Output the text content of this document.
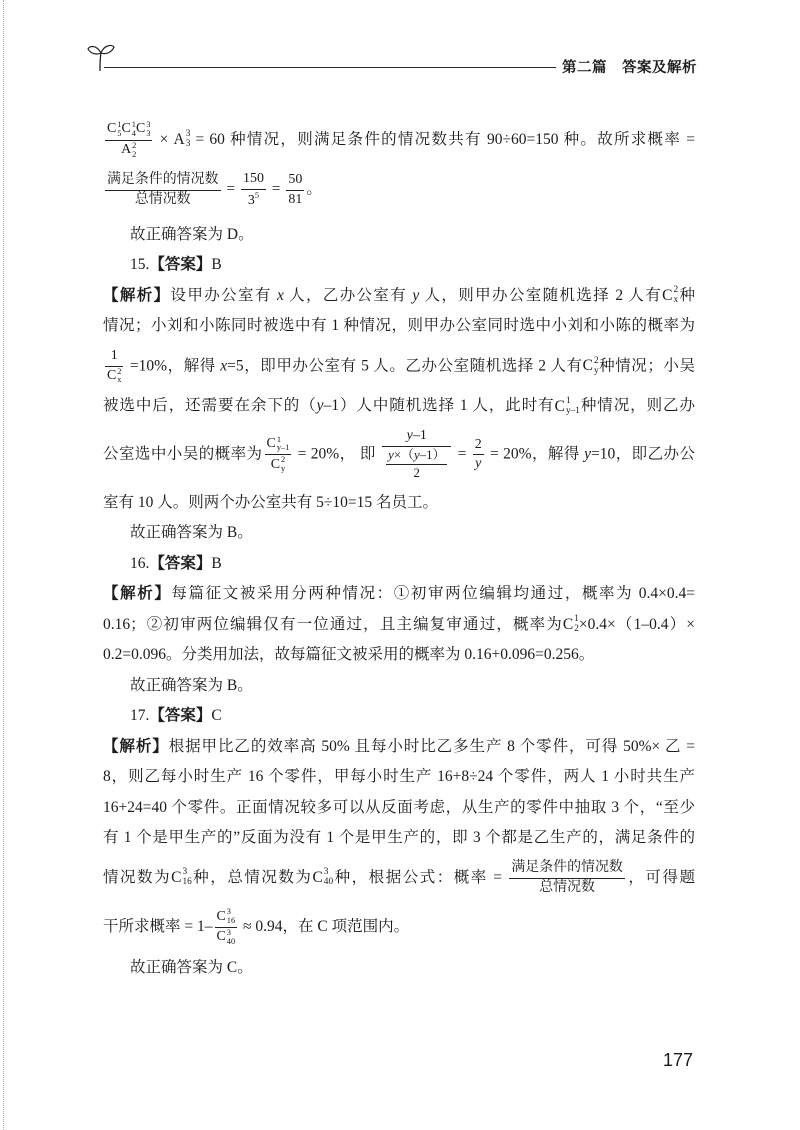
第二篇　答案及解析
C 1
5 C 1
4 C 3
3
A 2
2 × A 3
3 = 60 种情况，则满足条件的情况数共有 90÷60=150 种。故所求概率 =
$\frac{\text{满足条件的情况数}}{\text{总情况数}} = \frac{150}{3^5} = \frac{50}{81}$ 。
故正确答案为 D。
15.【答案】B
【解析】设甲办公室有 x 人，乙办公室有 y 人，则甲办公室随机选择 2 人有 C 2
x 种
情况；小刘和小陈同时被选中有 1 种情况，则甲办公室同时选中小刘和小陈的概率为
1
C 2
x =10%，解得 x=5，即甲办公室有 5 人。乙办公室随机选择 2 人有 C 2
y 种情况；小吴
被选中后，还需要在余下的（y–1）人中随机选择 1 人，此时有 C 1
y–1 种情况，则乙办
公室选中小吴的概率为 C 1
y–1
C 2
y = 20%， 即 $\frac{y-1}{\frac{y\times(y-1)}{2}} = \frac{2}{y} = 20\%$，解得 y=10，即乙办公
室有 10 人。则两个办公室共有 5÷10=15 名员工。
故正确答案为 B。
16.【答案】B
【解析】每篇征文被采用分两种情况：①初审两位编辑均通过，概率为 0.4×0.4=
0.16；②初审两位编辑仅有一位通过，且主编复审通过，概率为 C 1
2 ×0.4×（1–0.4）×
0.2=0.096。分类用加法，故每篇征文被采用的概率为 0.16+0.096=0.256。
故正确答案为 B。
17.【答案】C
【解析】根据甲比乙的效率高 50% 且每小时比乙多生产 8 个零件，可得 50%× 乙 =
8，则乙每小时生产 16 个零件，甲每小时生产 16+8÷24 个零件，两人 1 小时共生产
16+24=40 个零件。正面情况较多可以从反面考虑，从生产的零件中抽取 3 个，“至少
有 1 个是甲生产的”反面为没有 1 个是甲生产的，即 3 个都是乙生产的，满足条件的
情况数为 C 3
16 种，总情况数为 C 3
40 种，根据公式：概率 = $\frac{\text{满足条件的情况数}}{\text{总情况数}}$ ，可得题
干所求概率 = 1– C 3
16
C 3
40 ≈ 0.94，在 C 项范围内。
故正确答案为 C。
177
